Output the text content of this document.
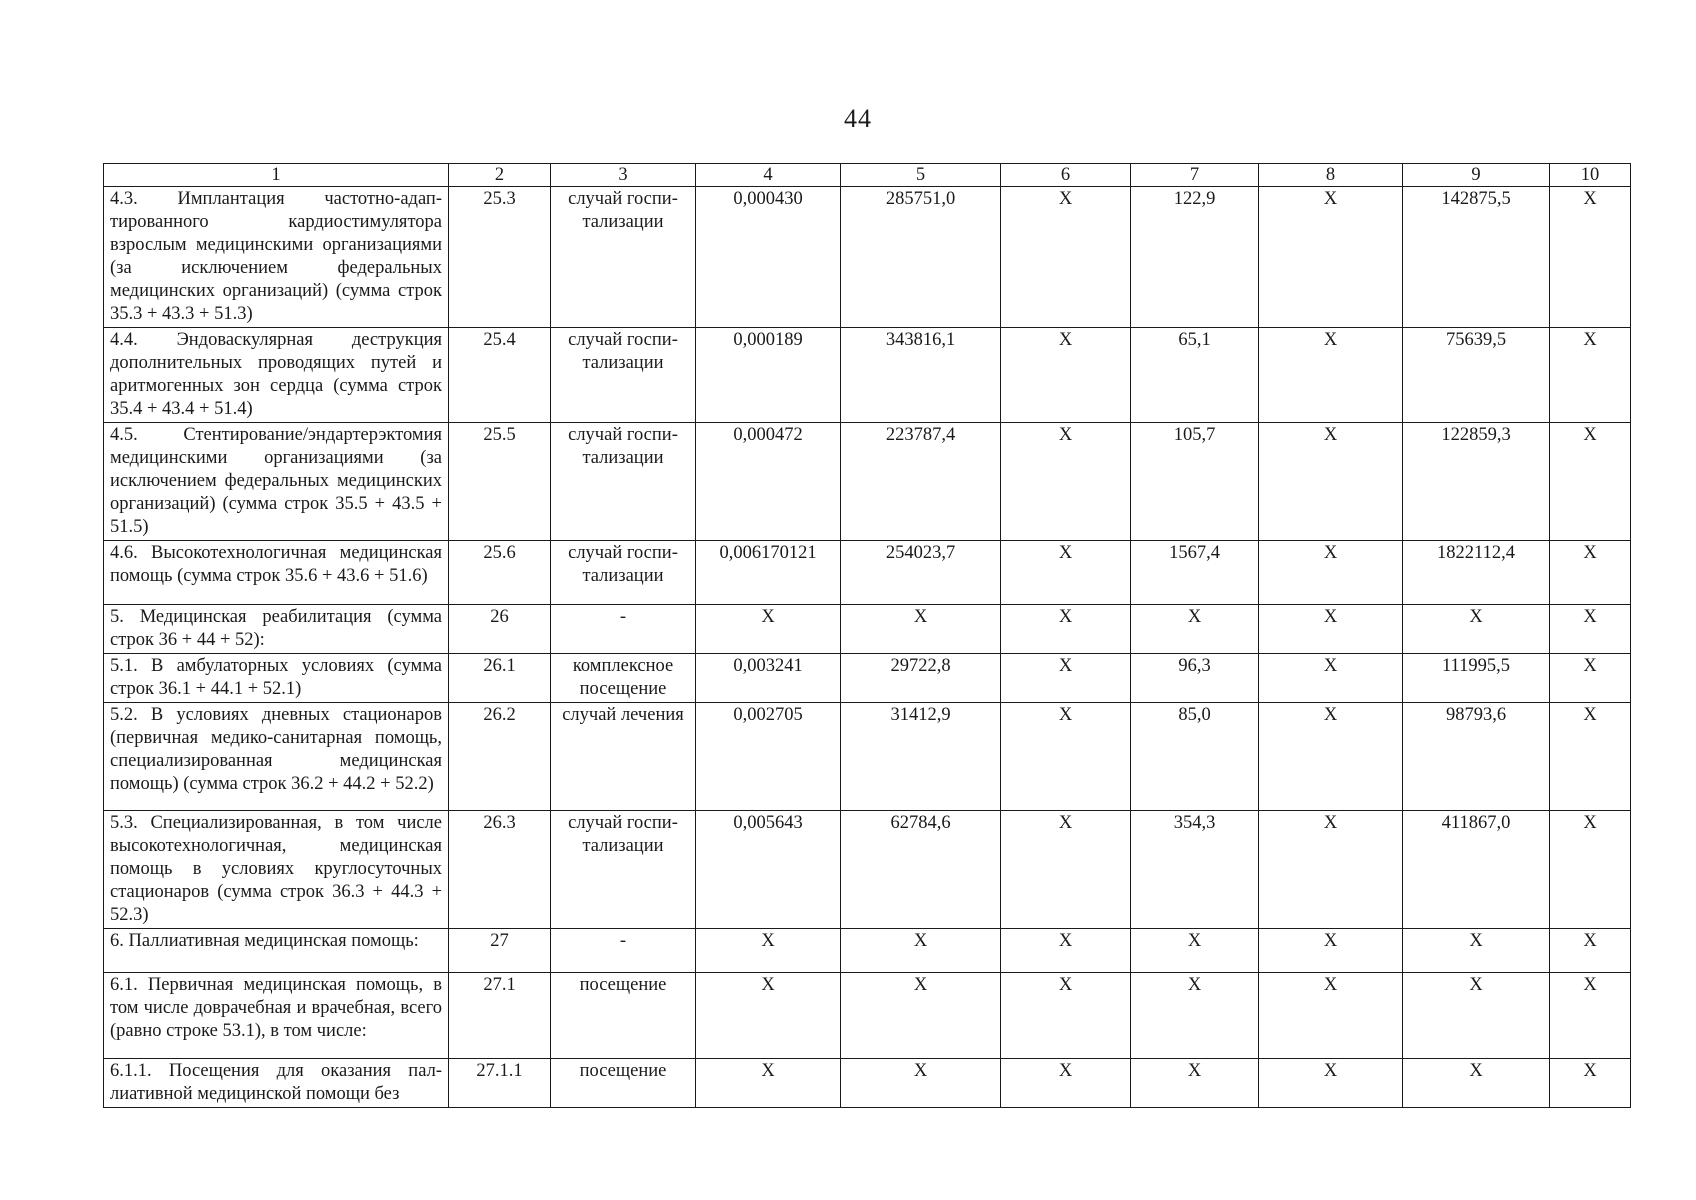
44
1	2	3	4	5	6	7	8	9	10
4.3. Имплантация частотно-адаптированного кардиостимулятора взрослым медицинскими организациями (за исключением федеральных медицинских организаций) (сумма строк 35.3 + 43.3 + 51.3)	25.3	случай госпитализации	0,000430	285751,0	Х	122,9	Х	142875,5	Х
4.4. Эндоваскулярная деструкция дополнительных проводящих путей и аритмогенных зон сердца (сумма строк 35.4 + 43.4 + 51.4)	25.4	случай госпитализации	0,000189	343816,1	Х	65,1	Х	75639,5	Х
4.5. Стентирование/эндартерэктомия медицинскими организациями (за исключением федеральных медицинских организаций) (сумма строк 35.5 + 43.5 + 51.5)	25.5	случай госпитализации	0,000472	223787,4	Х	105,7	Х	122859,3	Х
4.6. Высокотехнологичная медицинская помощь (сумма строк 35.6 + 43.6 + 51.6)	25.6	случай госпитализации	0,006170121	254023,7	Х	1567,4	Х	1822112,4	Х
5. Медицинская реабилитация (сумма строк 36 + 44 + 52):	26	-	Х	Х	Х	Х	Х	Х	Х
5.1. В амбулаторных условиях (сумма строк 36.1 + 44.1 + 52.1)	26.1	комплексное посещение	0,003241	29722,8	Х	96,3	Х	111995,5	Х
5.2. В условиях дневных стационаров (первичная медико-санитарная помощь, специализированная медицинская помощь) (сумма строк 36.2 + 44.2 + 52.2)	26.2	случай лечения	0,002705	31412,9	Х	85,0	Х	98793,6	Х
5.3. Специализированная, в том числе высокотехнологичная, медицинская помощь в условиях круглосуточных стационаров (сумма строк 36.3 + 44.3 + 52.3)	26.3	случай госпитализации	0,005643	62784,6	Х	354,3	Х	411867,0	Х
6. Паллиативная медицинская помощь:	27	-	Х	Х	Х	Х	Х	Х	Х
6.1. Первичная медицинская помощь, в том числе доврачебная и врачебная, всего (равно строке 53.1), в том числе:	27.1	посещение	Х	Х	Х	Х	Х	Х	Х
6.1.1. Посещения для оказания паллиативной медицинской помощи без	27.1.1	посещение	Х	Х	Х	Х	Х	Х	Х
